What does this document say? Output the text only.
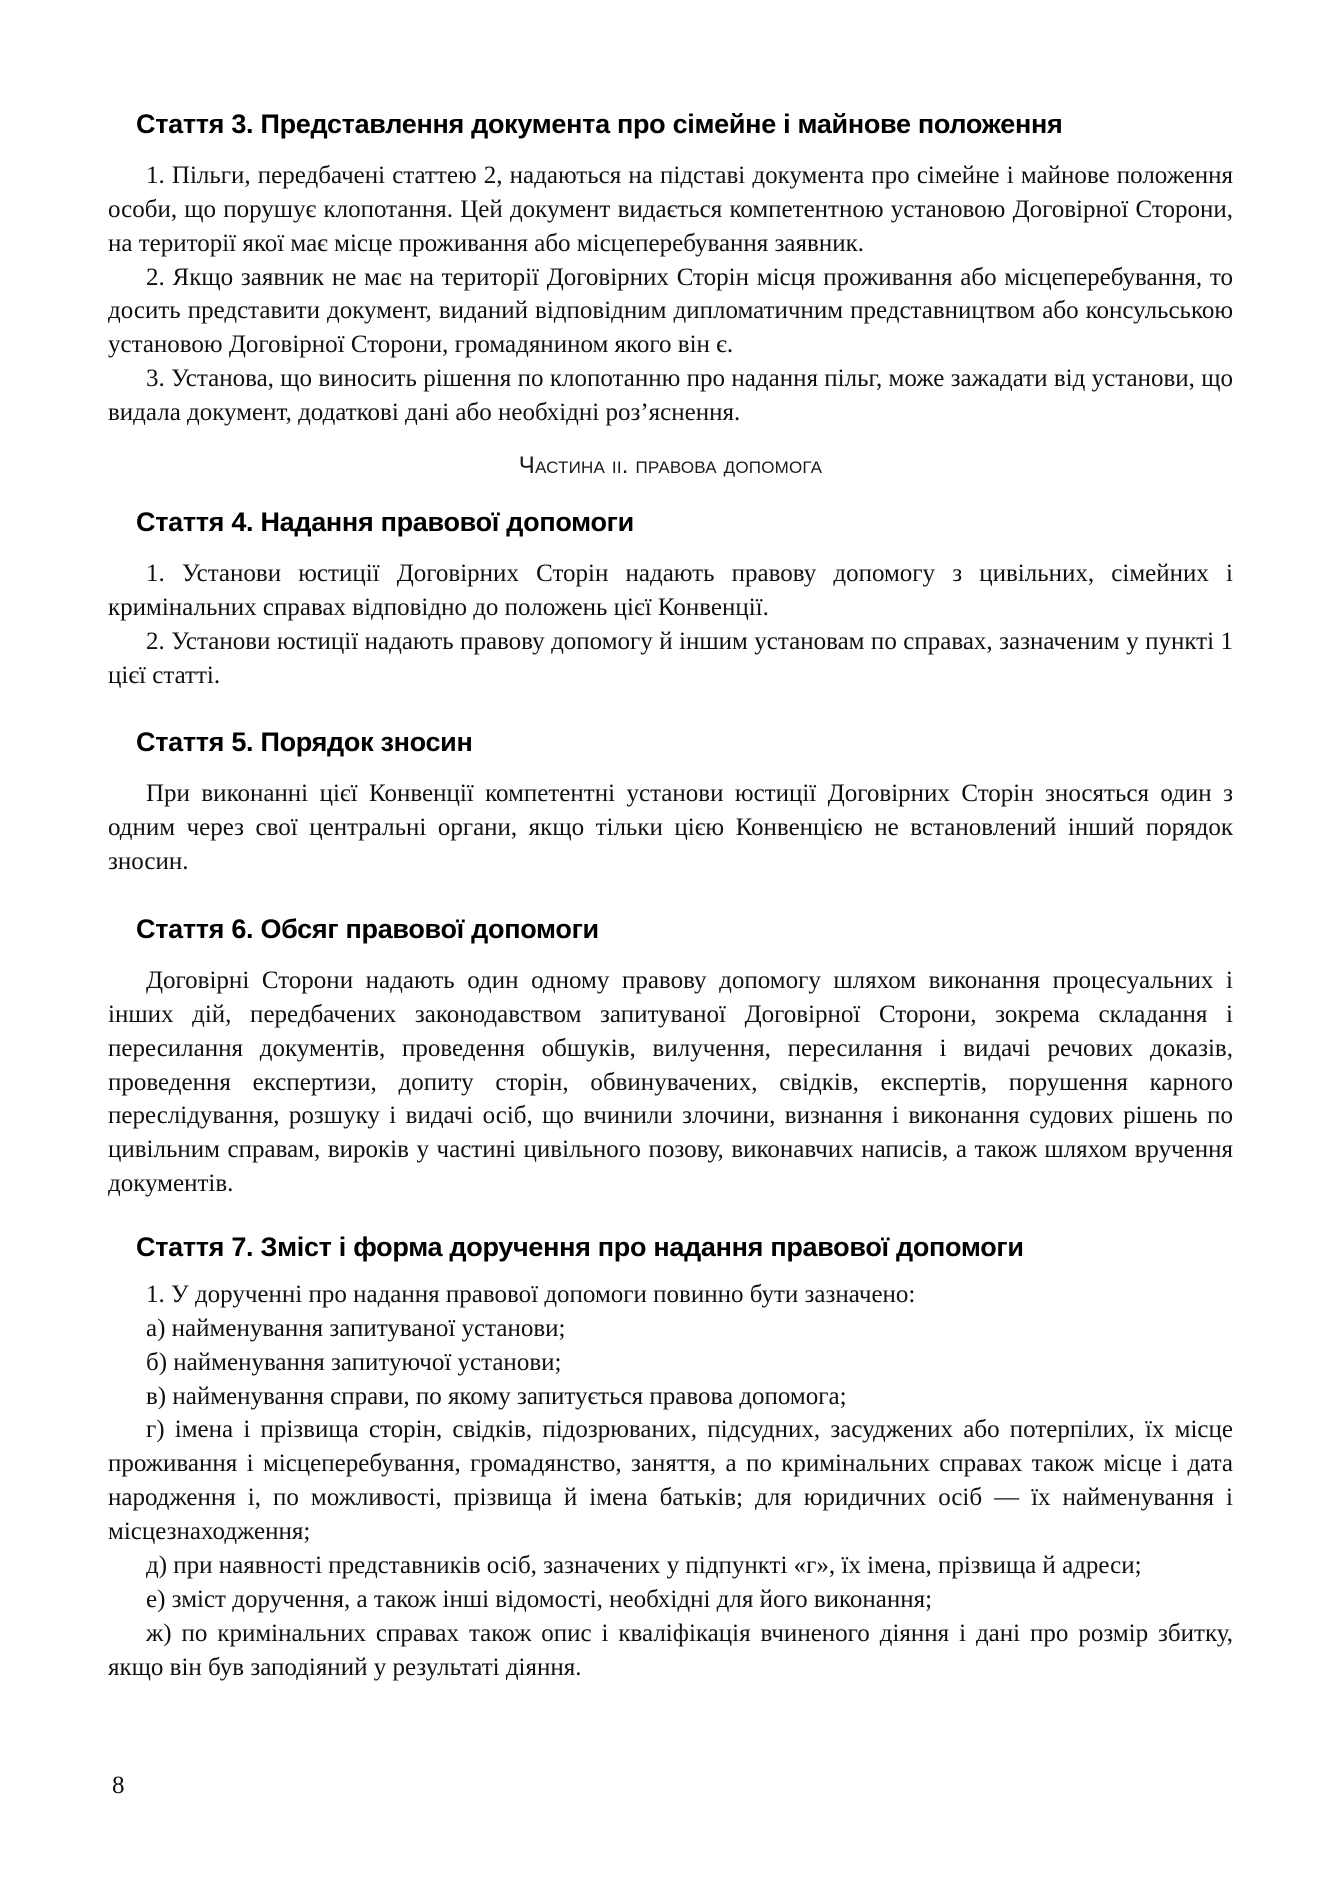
Стаття 3. Представлення документа про сімейне і майнове положення

1. Пільги, передбачені статтею 2, надаються на підставі документа про сімейне і майнове положення особи, що порушує клопотання. Цей документ видається компетентною установою Договірної Сторони, на території якої має місце проживання або місцеперебування заявник.

2. Якщо заявник не має на території Договірних Сторін місця проживання або місцеперебування, то досить представити документ, виданий відповідним дипломатичним представництвом або консульською установою Договірної Сторони, громадянином якого він є.

3. Установа, що виносить рішення по клопотанню про надання пільг, може зажадати від установи, що видала документ, додаткові дані або необхідні роз’яснення.

Частина ii. правова допомога
Стаття 4. Надання правової допомоги

1. Установи юстиції Договірних Сторін надають правову допомогу з цивільних, сімейних і кримінальних справах відповідно до положень цієї Конвенції.

2. Установи юстиції надають правову допомогу й іншим установам по справах, зазначеним у пункті 1 цієї статті.

Стаття 5. Порядок зносин

При виконанні цієї Конвенції компетентні установи юстиції Договірних Сторін зносяться один з одним через свої центральні органи, якщо тільки цією Конвенцією не встановлений інший порядок зносин.

Стаття 6. Обсяг правової допомоги

Договірні Сторони надають один одному правову допомогу шляхом виконання процесуальних і інших дій, передбачених законодавством запитуваної Договірної Сторони, зокрема складання і пересилання документів, проведення обшуків, вилучення, пересилання і видачі речових доказів, проведення експертизи, допиту сторін, обвинувачених, свідків, експертів, порушення карного переслідування, розшуку і видачі осіб, що вчинили злочини, визнання і виконання судових рішень по цивільним справам, вироків у частині цивільного позову, виконавчих написів, а також шляхом вручення документів.

Стаття 7. Зміст і форма доручення про надання правової допомоги

1. У дорученні про надання правової допомоги повинно бути зазначено:

а) найменування запитуваної установи;

б) найменування запитуючої установи;

в) найменування справи, по якому запитується правова допомога;

г) імена і прізвища сторін, свідків, підозрюваних, підсудних, засуджених або потерпілих, їх місце проживання і місцеперебування, громадянство, заняття, а по кримінальних справах також місце і дата народження і, по можливості, прізвища й імена батьків; для юридичних осіб — їх найменування і місцезнаходження;

д) при наявності представників осіб, зазначених у підпункті «г», їх імена, прізвища й адреси;

е) зміст доручення, а також інші відомості, необхідні для його виконання;

ж) по кримінальних справах також опис і кваліфікація вчиненого діяння і дані про розмір збитку, якщо він був заподіяний у результаті діяння.

8
